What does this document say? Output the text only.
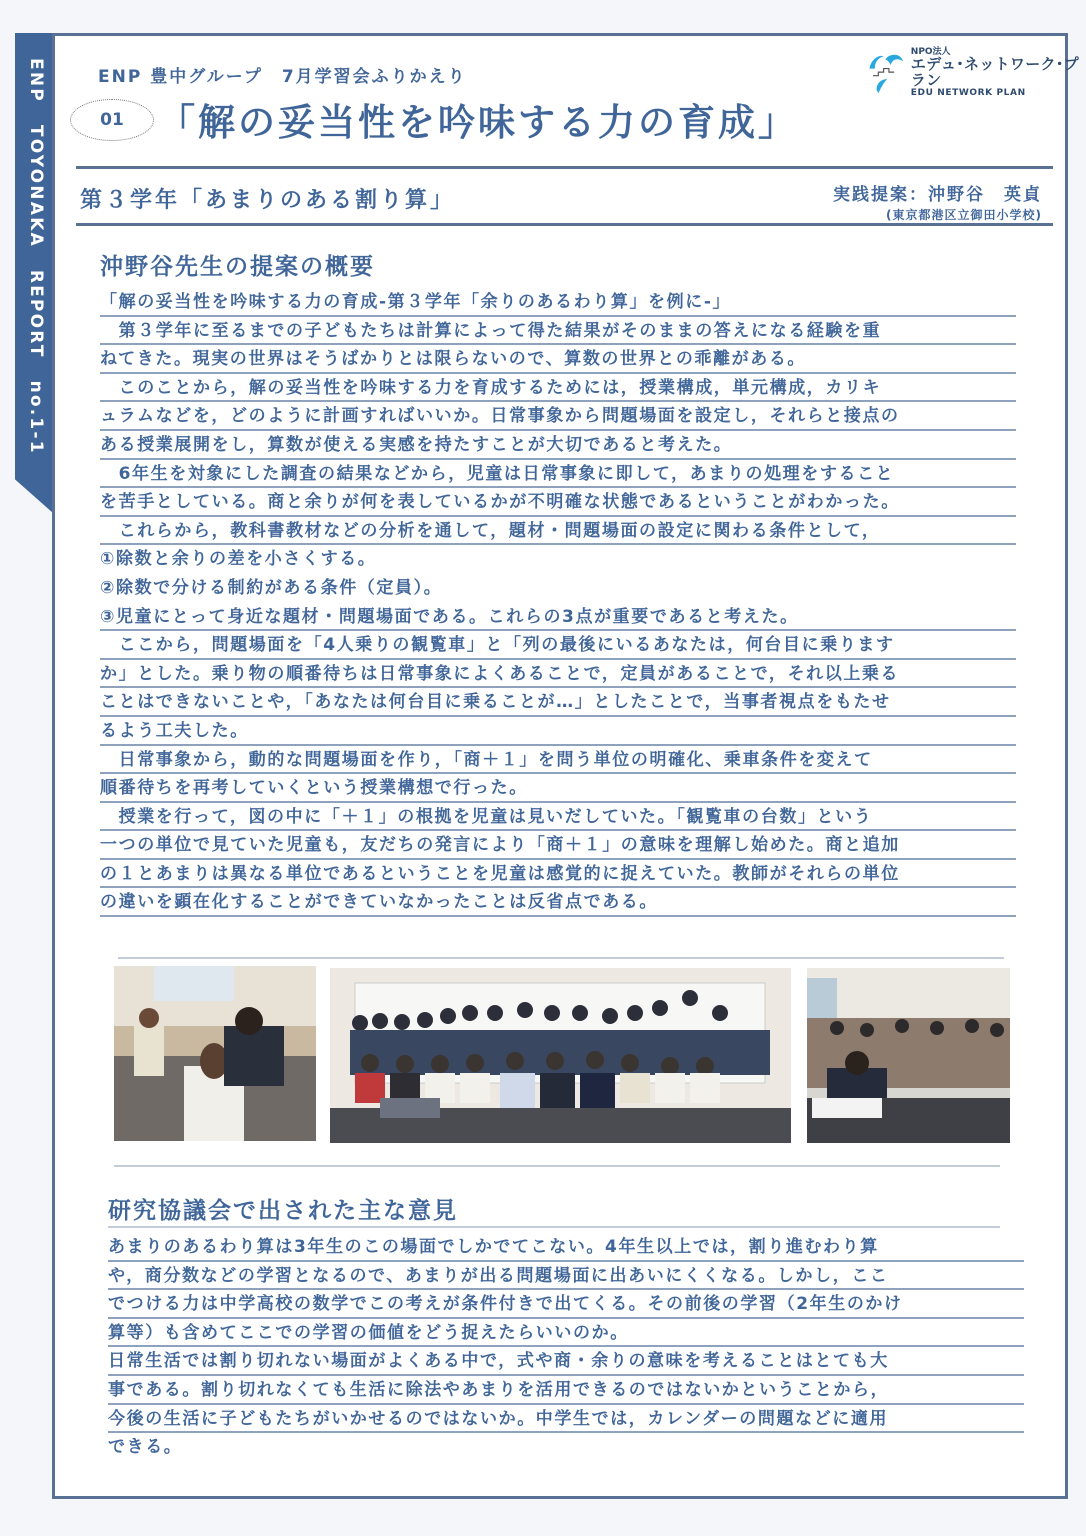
ENPTOYONAKAREPORTno.1-1
ENP 豊中グループ　7月学習会ふりかえり
01 「解の妥当性を吟味する力の育成」
NPO法人
エデュ･ネットワーク･プラン
EDU NETWORK PLAN
第３学年「あまりのある割り算」	実践提案：沖野谷　英貞
(東京都港区立御田小学校)
沖野谷先生の提案の概要
「解の妥当性を吟味する力の育成-第３学年「余りのあるわり算」を例に-」
　第３学年に至るまでの子どもたちは計算によって得た結果がそのままの答えになる経験を重
ねてきた。現実の世界はそうばかりとは限らないので、算数の世界との乖離がある。
　このことから，解の妥当性を吟味する力を育成するためには，授業構成，単元構成，カリキ
ュラムなどを，どのように計画すればいいか。日常事象から問題場面を設定し，それらと接点の
ある授業展開をし，算数が使える実感を持たすことが大切であると考えた。
　6年生を対象にした調査の結果などから，児童は日常事象に即して，あまりの処理をすること
を苦手としている。商と余りが何を表しているかが不明確な状態であるということがわかった。
　これらから，教科書教材などの分析を通して，題材・問題場面の設定に関わる条件として，
①除数と余りの差を小さくする。
②除数で分ける制約がある条件（定員）。
③児童にとって身近な題材・問題場面である。これらの3点が重要であると考えた。
　ここから，問題場面を「4人乗りの観覧車」と「列の最後にいるあなたは，何台目に乗ります
か」とした。乗り物の順番待ちは日常事象によくあることで，定員があることで，それ以上乗る
ことはできないことや，「あなたは何台目に乗ることが…」としたことで，当事者視点をもたせ
るよう工夫した。
　日常事象から，動的な問題場面を作り，「商＋１」を問う単位の明確化、乗車条件を変えて
順番待ちを再考していくという授業構想で行った。
　授業を行って，図の中に「＋１」の根拠を児童は見いだしていた。「観覧車の台数」という
一つの単位で見ていた児童も，友だちの発言により「商＋１」の意味を理解し始めた。商と追加
の１とあまりは異なる単位であるということを児童は感覚的に捉えていた。教師がそれらの単位
の違いを顕在化することができていなかったことは反省点である。
研究協議会で出された主な意見
あまりのあるわり算は3年生のこの場面でしかでてこない。4年生以上では，割り進むわり算
や，商分数などの学習となるので、あまりが出る問題場面に出あいにくくなる。しかし，ここ
でつける力は中学高校の数学でこの考えが条件付きで出てくる。その前後の学習（2年生のかけ
算等）も含めてここでの学習の価値をどう捉えたらいいのか。
日常生活では割り切れない場面がよくある中で，式や商・余りの意味を考えることはとても大
事である。割り切れなくても生活に除法やあまりを活用できるのではないかということから，
今後の生活に子どもたちがいかせるのではないか。中学生では，カレンダーの問題などに適用
できる。
